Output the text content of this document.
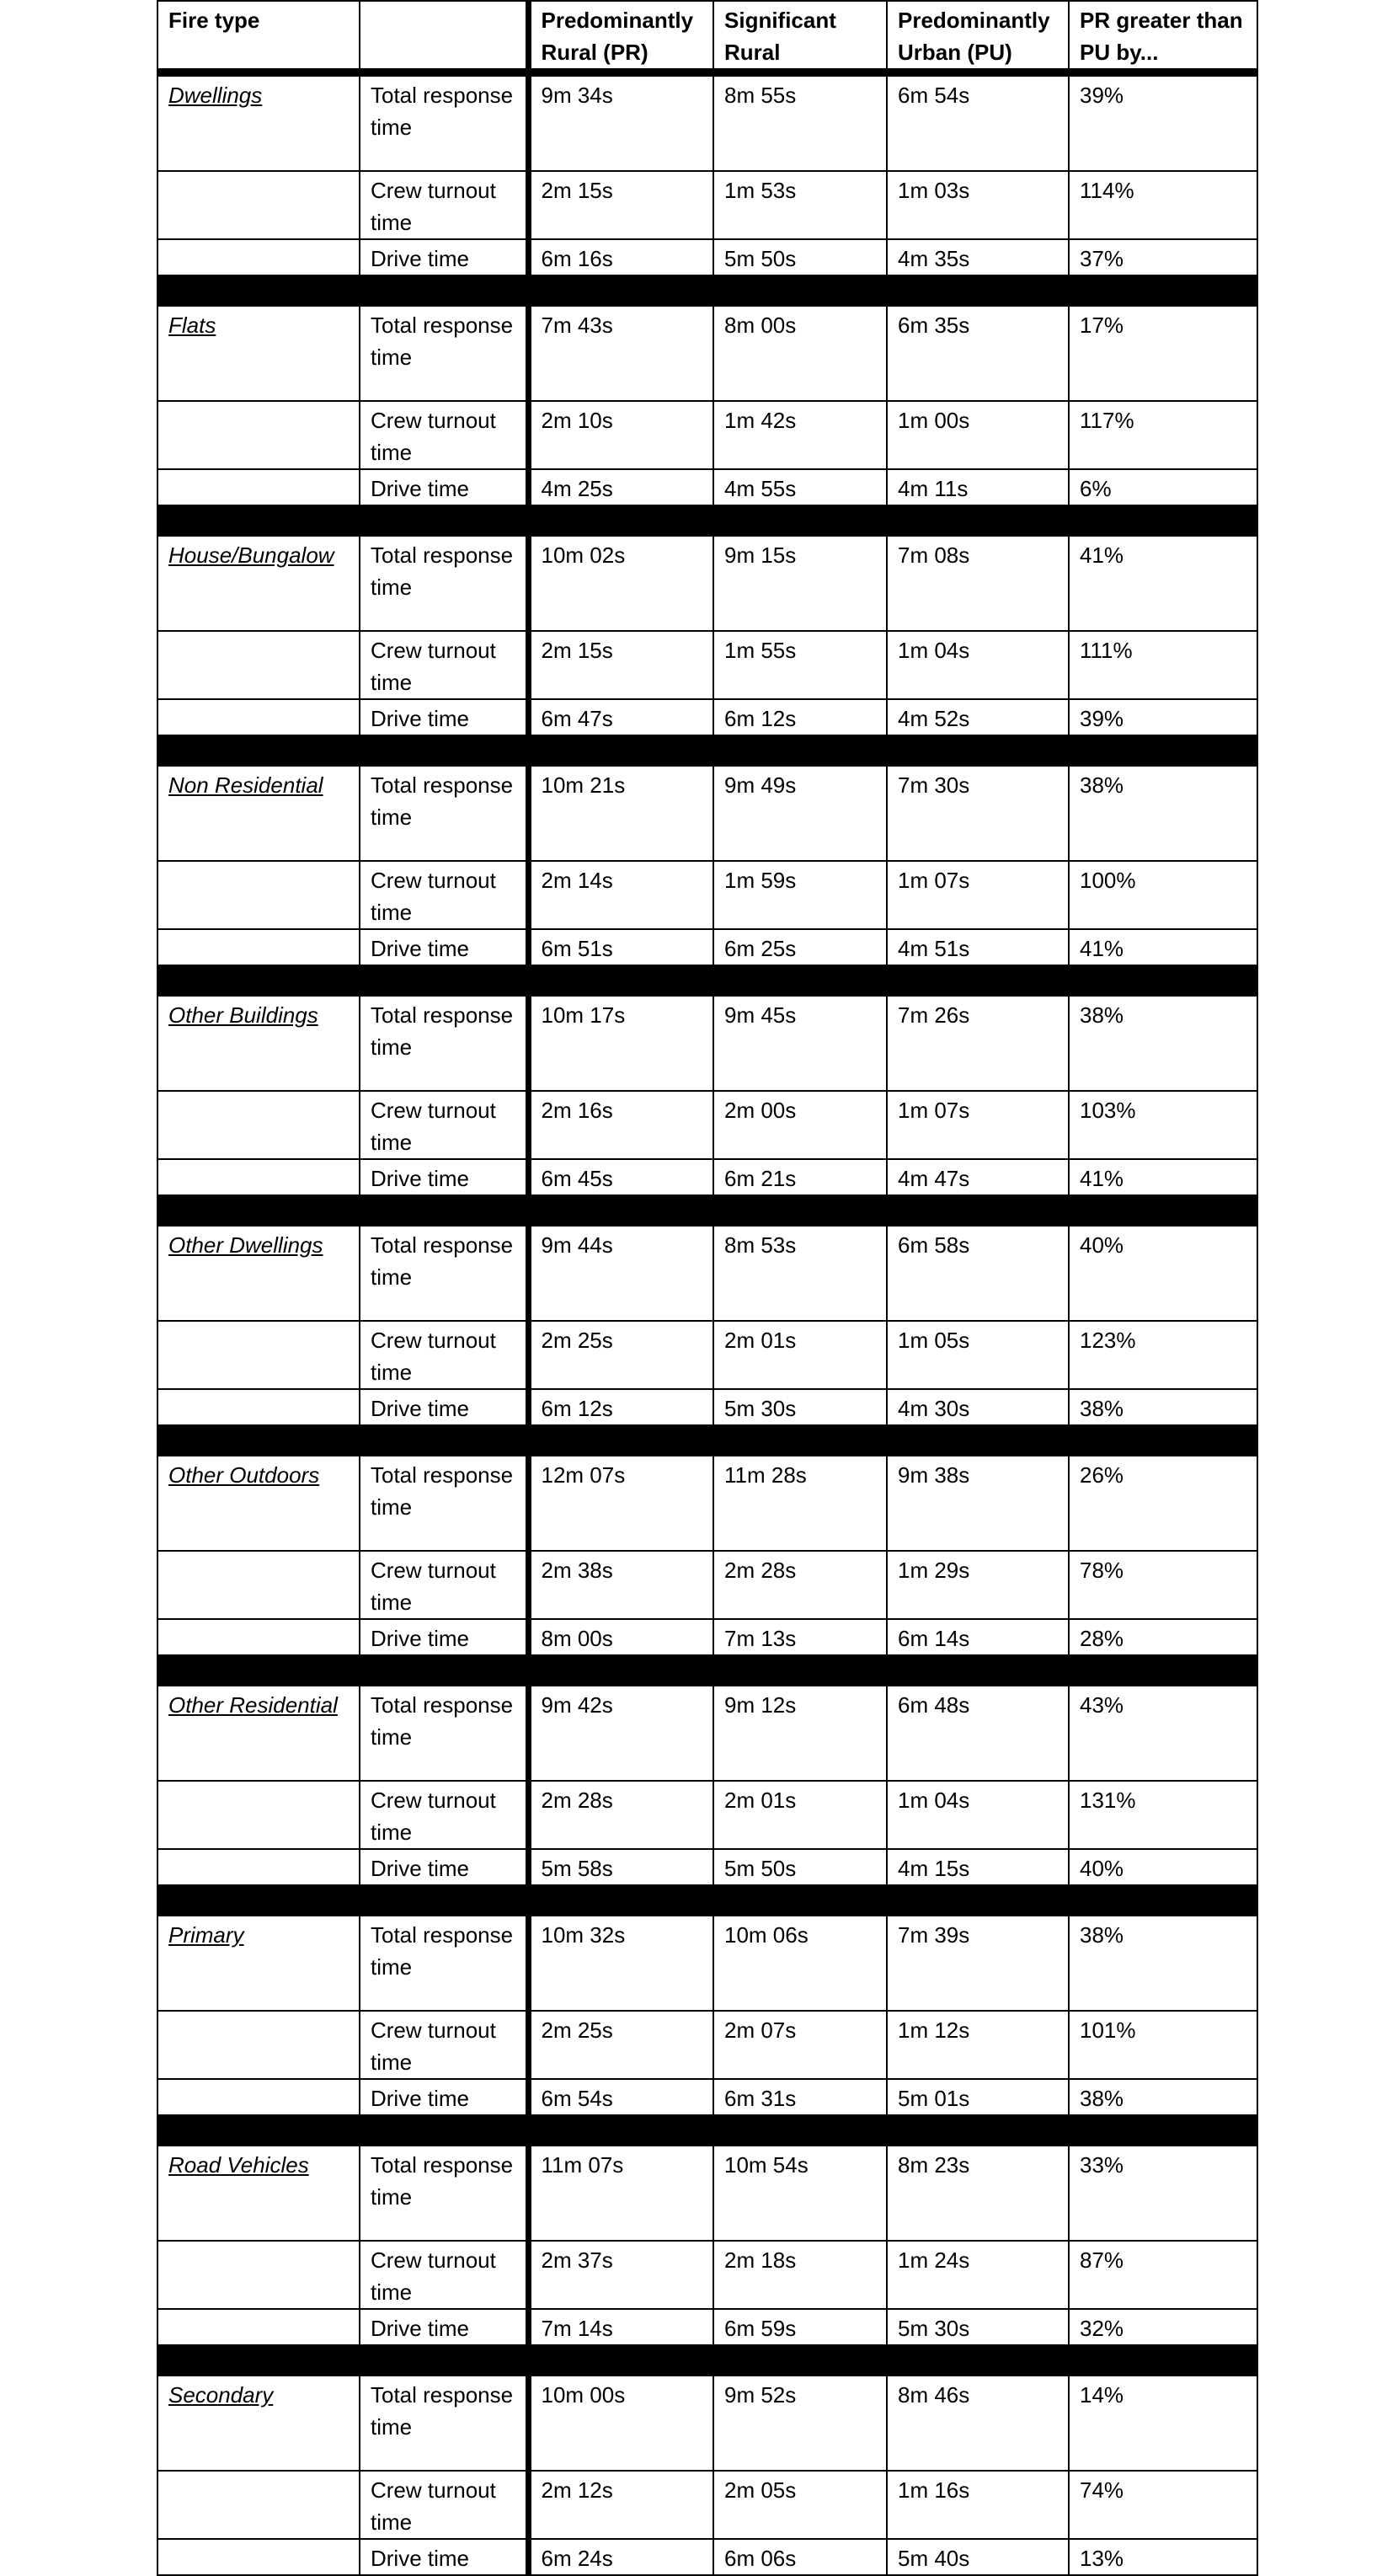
Fire type		Predominantly Rural (PR)	Significant Rural	Predominantly Urban (PU)	PR greater than PU by...
Dwellings	Total response time	9m 34s	8m 55s	6m 54s	39%
	Crew turnout time	2m 15s	1m 53s	1m 03s	114%
	Drive time	6m 16s	5m 50s	4m 35s	37%

Flats	Total response time	7m 43s	8m 00s	6m 35s	17%
	Crew turnout time	2m 10s	1m 42s	1m 00s	117%
	Drive time	4m 25s	4m 55s	4m 11s	6%

House/Bungalow	Total response time	10m 02s	9m 15s	7m 08s	41%
	Crew turnout time	2m 15s	1m 55s	1m 04s	111%
	Drive time	6m 47s	6m 12s	4m 52s	39%

Non Residential	Total response time	10m 21s	9m 49s	7m 30s	38%
	Crew turnout time	2m 14s	1m 59s	1m 07s	100%
	Drive time	6m 51s	6m 25s	4m 51s	41%

Other Buildings	Total response time	10m 17s	9m 45s	7m 26s	38%
	Crew turnout time	2m 16s	2m 00s	1m 07s	103%
	Drive time	6m 45s	6m 21s	4m 47s	41%

Other Dwellings	Total response time	9m 44s	8m 53s	6m 58s	40%
	Crew turnout time	2m 25s	2m 01s	1m 05s	123%
	Drive time	6m 12s	5m 30s	4m 30s	38%

Other Outdoors	Total response time	12m 07s	11m 28s	9m 38s	26%
	Crew turnout time	2m 38s	2m 28s	1m 29s	78%
	Drive time	8m 00s	7m 13s	6m 14s	28%

Other Residential	Total response time	9m 42s	9m 12s	6m 48s	43%
	Crew turnout time	2m 28s	2m 01s	1m 04s	131%
	Drive time	5m 58s	5m 50s	4m 15s	40%

Primary	Total response time	10m 32s	10m 06s	7m 39s	38%
	Crew turnout time	2m 25s	2m 07s	1m 12s	101%
	Drive time	6m 54s	6m 31s	5m 01s	38%

Road Vehicles	Total response time	11m 07s	10m 54s	8m 23s	33%
	Crew turnout time	2m 37s	2m 18s	1m 24s	87%
	Drive time	7m 14s	6m 59s	5m 30s	32%

Secondary	Total response time	10m 00s	9m 52s	8m 46s	14%
	Crew turnout time	2m 12s	2m 05s	1m 16s	74%
	Drive time	6m 24s	6m 06s	5m 40s	13%
